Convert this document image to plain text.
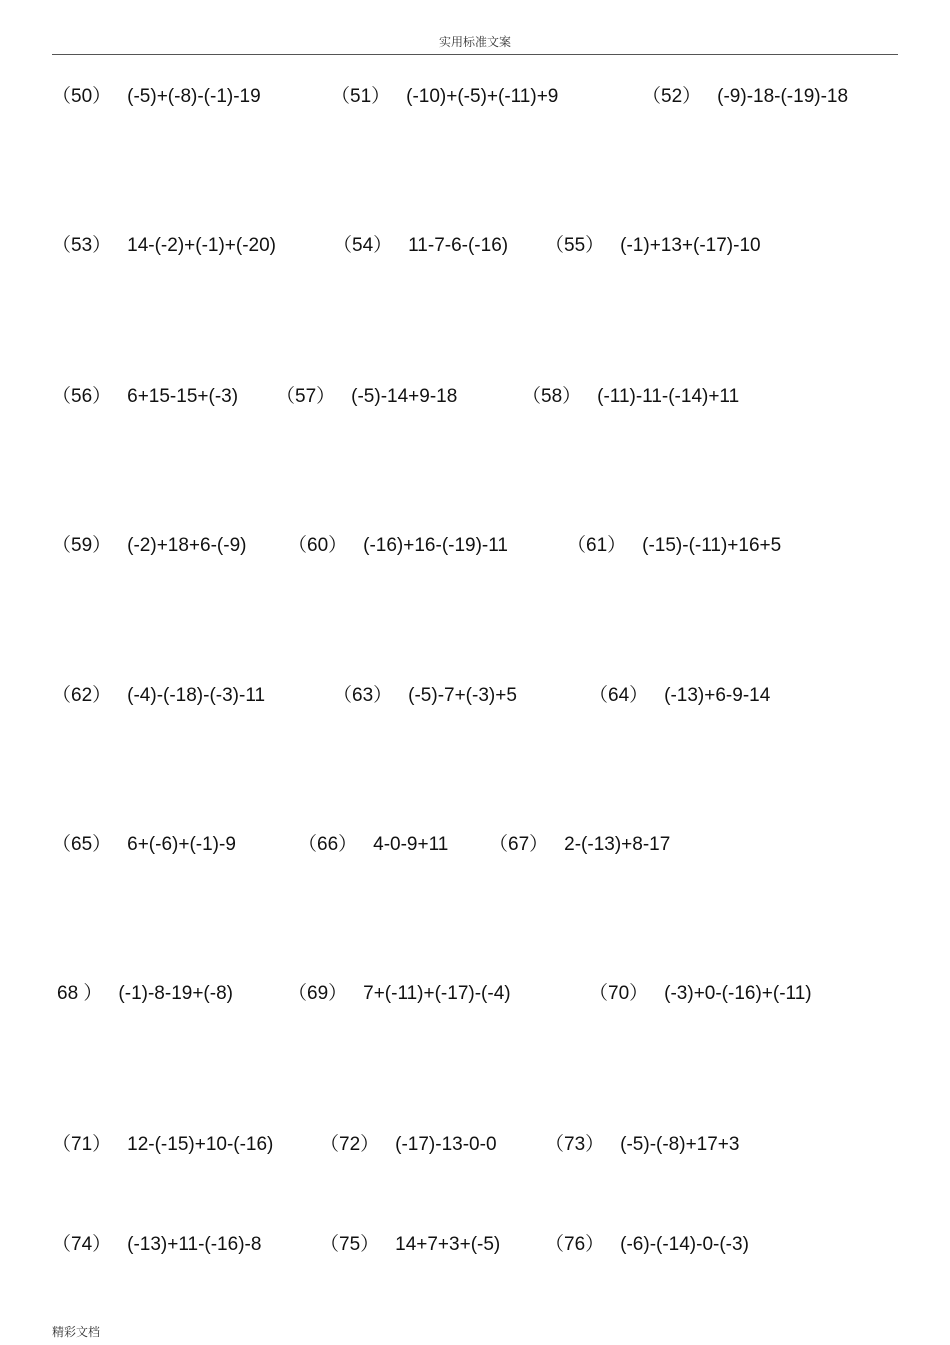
实用标准文案
（50） (-5)+(-8)-(-1)-19	（51） (-10)+(-5)+(-11)+9	（52） (-9)-18-(-19)-18
（53） 14-(-2)+(-1)+(-20)	（54） 11-7-6-(-16) （55） (-1)+13+(-17)-10
（56） 6+15-15+(-3) （57） (-5)-14+9-18	（58） (-11)-11-(-14)+11
（59） (-2)+18+6-(-9) （60） (-16)+16-(-19)-11	（61） (-15)-(-11)+16+5
（62） (-4)-(-18)-(-3)-11	（63） (-5)-7+(-3)+5	（64） (-13)+6-9-14
（65） 6+(-6)+(-1)-9	（66） 4-0-9+11 （67） 2-(-13)+8-17
68 ） (-1)-8-19+(-8)	（69） 7+(-11)+(-17)-(-4)	（70） (-3)+0-(-16)+(-11)
（71） 12-(-15)+10-(-16) （72） (-17)-13-0-0	（73） (-5)-(-8)+17+3
（74） (-13)+11-(-16)-8	（75） 14+7+3+(-5) （76） (-6)-(-14)-0-(-3)
精彩文档
